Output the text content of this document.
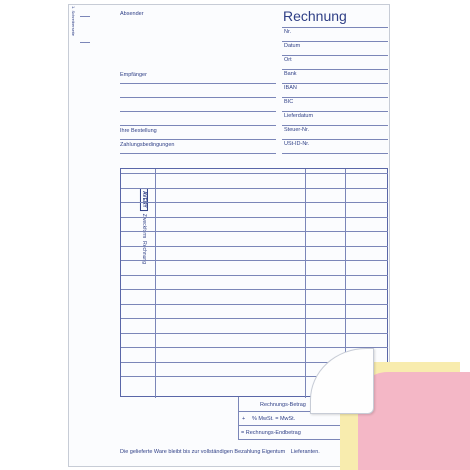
1. Schreiberseite	Rechnung
Absender
Empfänger
Ihre Bestellung
Zahlungsbedingungen
Nr.
Datum
Ort
Bank
IBAN
BIC
Lieferdatum
Steuer-Nr.
USt-ID-Nr.
AVERY
Zweckform
Rechnung
Rechnungs-Betrag
+ % MwSt. = MwSt.
= Rechnungs-Endbetrag
Die gelieferte Ware bleibt bis zur vollständigen Bezahlung Eigentum Lieferanten.
